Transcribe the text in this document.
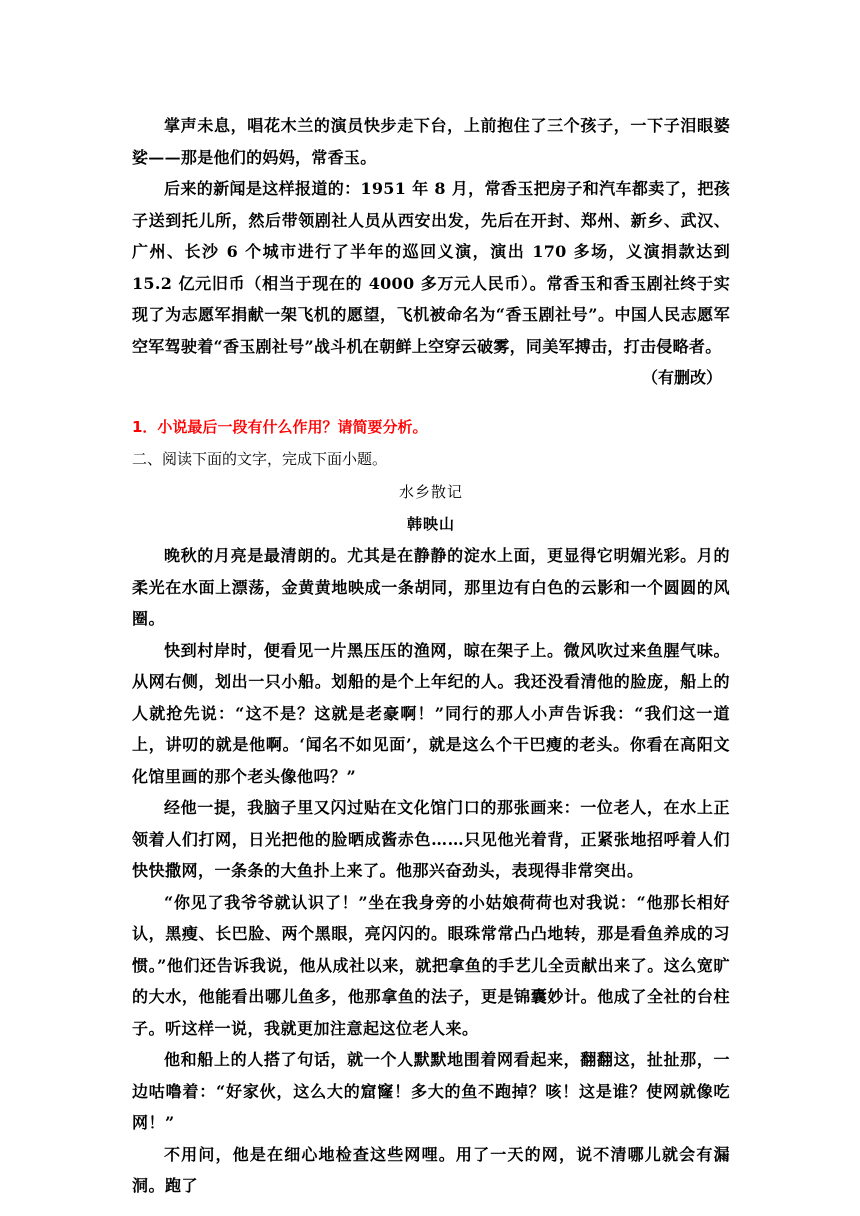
掌声未息，唱花木兰的演员快步走下台，上前抱住了三个孩子，一下子泪眼婆娑——那是他们的妈妈，常香玉。

后来的新闻是这样报道的：1951 年 8 月，常香玉把房子和汽车都卖了，把孩子送到托儿所，然后带领剧社人员从西安出发，先后在开封、郑州、新乡、武汉、广州、长沙 6 个城市进行了半年的巡回义演，演出 170 多场，义演捐款达到 15.2 亿元旧币（相当于现在的 4000 多万元人民币）。常香玉和香玉剧社终于实现了为志愿军捐献一架飞机的愿望，飞机被命名为“香玉剧社号”。中国人民志愿军空军驾驶着“香玉剧社号”战斗机在朝鲜上空穿云破雾，同美军搏击，打击侵略者。

（有删改）

1．小说最后一段有什么作用？请简要分析。

二、阅读下面的文字，完成下面小题。

水乡散记

韩映山

晚秋的月亮是最清朗的。尤其是在静静的淀水上面，更显得它明媚光彩。月的柔光在水面上漂荡，金黄黄地映成一条胡同，那里边有白色的云影和一个圆圆的风圈。

快到村岸时，便看见一片黑压压的渔网，晾在架子上。微风吹过来鱼腥气味。从网右侧，划出一只小船。划船的是个上年纪的人。我还没看清他的脸庞，船上的人就抢先说：“这不是？这就是老豪啊！”同行的那人小声告诉我：“我们这一道上，讲叨的就是他啊。‘闻名不如见面’，就是这么个干巴瘦的老头。你看在高阳文化馆里画的那个老头像他吗？”

经他一提，我脑子里又闪过贴在文化馆门口的那张画来：一位老人，在水上正领着人们打网，日光把他的脸晒成酱赤色……只见他光着背，正紧张地招呼着人们快快撒网，一条条的大鱼扑上来了。他那兴奋劲头，表现得非常突出。

“你见了我爷爷就认识了！”坐在我身旁的小姑娘荷荷也对我说：“他那长相好认，黑瘦、长巴脸、两个黑眼，亮闪闪的。眼珠常常凸凸地转，那是看鱼养成的习惯。”他们还告诉我说，他从成社以来，就把拿鱼的手艺儿全贡献出来了。这么宽旷的大水，他能看出哪儿鱼多，他那拿鱼的法子，更是锦囊妙计。他成了全社的台柱子。听这样一说，我就更加注意起这位老人来。

他和船上的人搭了句话，就一个人默默地围着网看起来，翻翻这，扯扯那，一边咕噜着：“好家伙，这么大的窟窿！多大的鱼不跑掉？咳！这是谁？使网就像吃网！”

不用问，他是在细心地检查这些网哩。用了一天的网，说不清哪儿就会有漏洞。跑了
